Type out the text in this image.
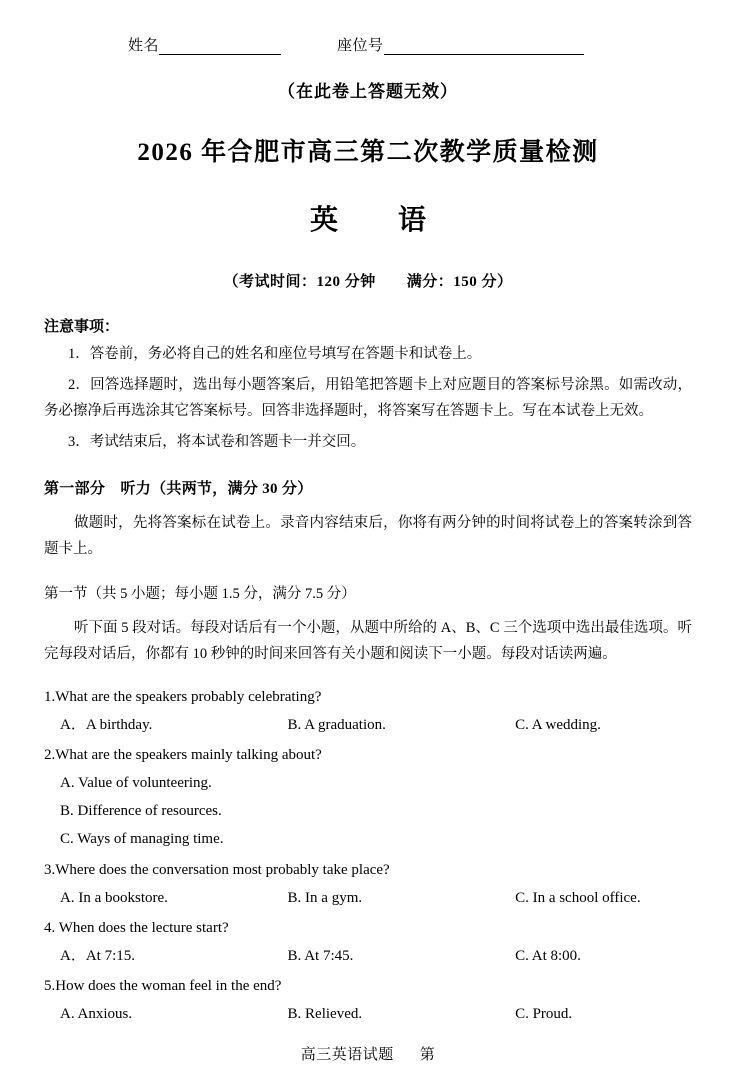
姓名	座位号
（在此卷上答题无效）
2026 年合肥市高三第二次教学质量检测
英　语
（考试时间：120 分钟　　满分：150 分）
注意事项：
1．答卷前，务必将自己的姓名和座位号填写在答题卡和试卷上。
2．回答选择题时，选出每小题答案后，用铅笔把答题卡上对应题目的答案标号涂黑。如需改动，务必擦净后再选涂其它答案标号。回答非选择题时，将答案写在答题卡上。写在本试卷上无效。
3．考试结束后，将本试卷和答题卡一并交回。
第一部分　听力（共两节，满分 30 分）
做题时，先将答案标在试卷上。录音内容结束后，你将有两分钟的时间将试卷上的答案转涂到答题卡上。
第一节（共 5 小题；每小题 1.5 分，满分 7.5 分）
听下面 5 段对话。每段对话后有一个小题，从题中所给的 A、B、C 三个选项中选出最佳选项。听完每段对话后，你都有 10 秒钟的时间来回答有关小题和阅读下一小题。每段对话读两遍。
1.What are the speakers probably celebrating?
A．A birthday.	B. A graduation.	C. A wedding.
2.What are the speakers mainly talking about?
A. Value of volunteering.
B. Difference of resources.
C. Ways of managing time.
3.Where does the conversation most probably take place?
A. In a bookstore.	B. In a gym.	C. In a school office.
4. When does the lecture start?
A．At 7:15.	B. At 7:45.	C. At 8:00.
5.How does the woman feel in the end?
A. Anxious.	B. Relieved.	C. Proud.
高三英语试题 第
